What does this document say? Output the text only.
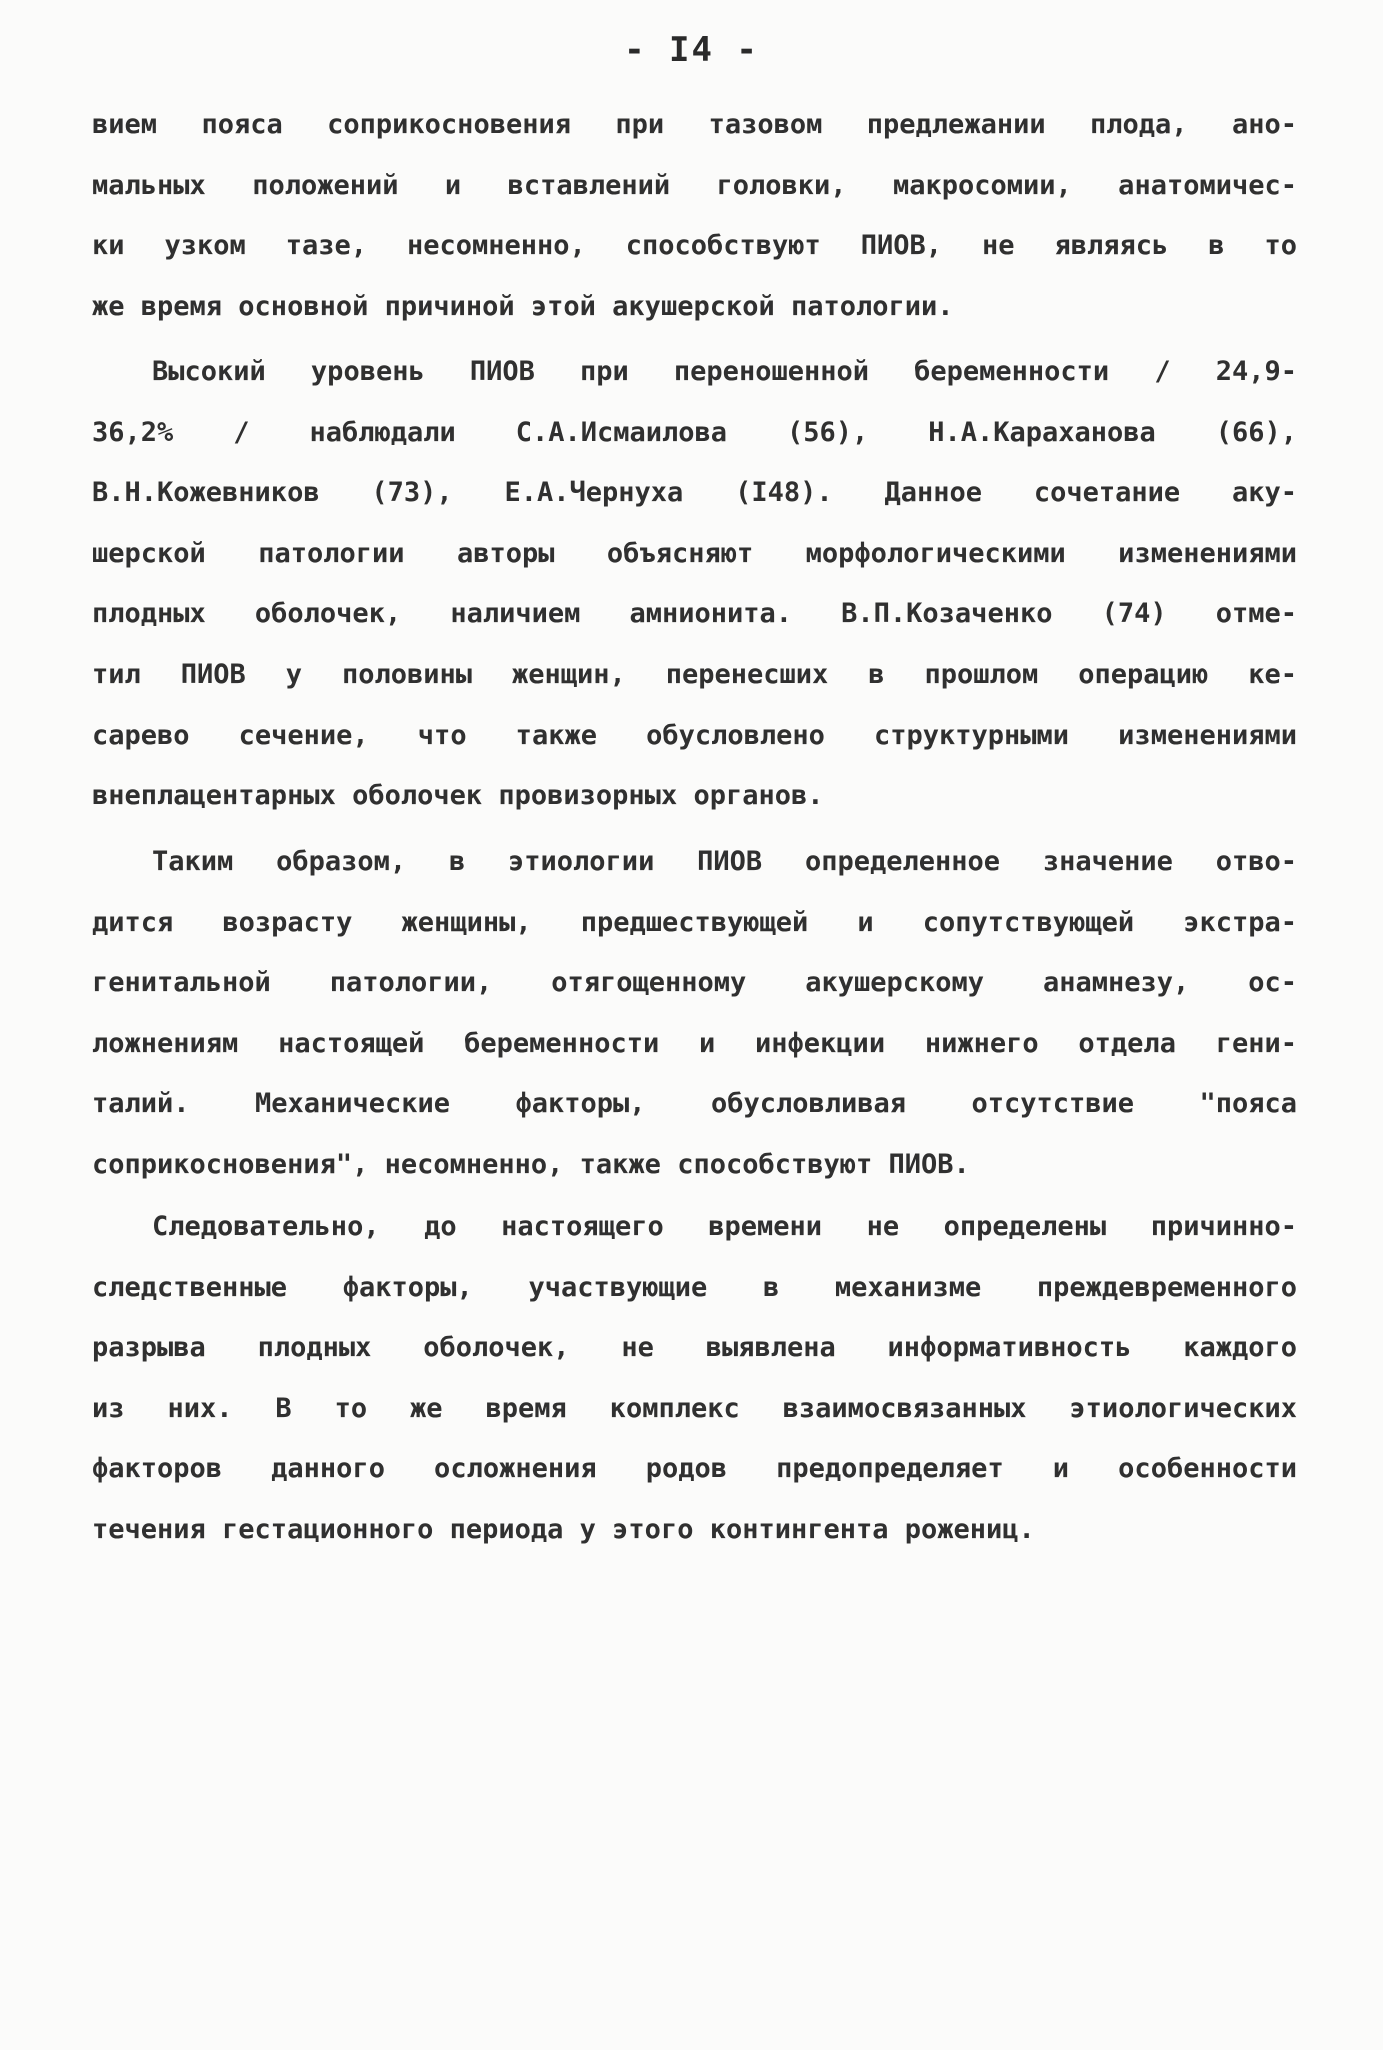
- I4 -
вием пояса соприкосновения при тазовом предлежании плода, ано-
мальных положений и вставлений головки, макросомии, анатомичес-
ки узком тазе, несомненно, способствуют ПИОВ, не являясь в то
же время основной причиной этой акушерской патологии.
Высокий уровень ПИОВ при переношенной беременности / 24,9-
36,2% / наблюдали С.А.Исмаилова (56), Н.А.Караханова (66),
В.Н.Кожевников (73), Е.А.Чернуха (I48). Данное сочетание аку-
шерской патологии авторы объясняют морфологическими изменениями
плодных оболочек, наличием амнионита. В.П.Козаченко (74) отме-
тил ПИОВ у половины женщин, перенесших в прошлом операцию ке-
сарево сечение, что также обусловлено структурными изменениями
внеплацентарных оболочек провизорных органов.
Таким образом, в этиологии ПИОВ определенное значение отво-
дится возрасту женщины, предшествующей и сопутствующей экстра-
генитальной патологии, отягощенному акушерскому анамнезу, ос-
ложнениям настоящей беременности и инфекции нижнего отдела гени-
талий. Механические факторы, обусловливая отсутствие "пояса
соприкосновения", несомненно, также способствуют ПИОВ.
Следовательно, до настоящего времени не определены причинно-
следственные факторы, участвующие в механизме преждевременного
разрыва плодных оболочек, не выявлена информативность каждого
из них. В то же время комплекс взаимосвязанных этиологических
факторов данного осложнения родов предопределяет и особенности
течения гестационного периода у этого контингента рожениц.
